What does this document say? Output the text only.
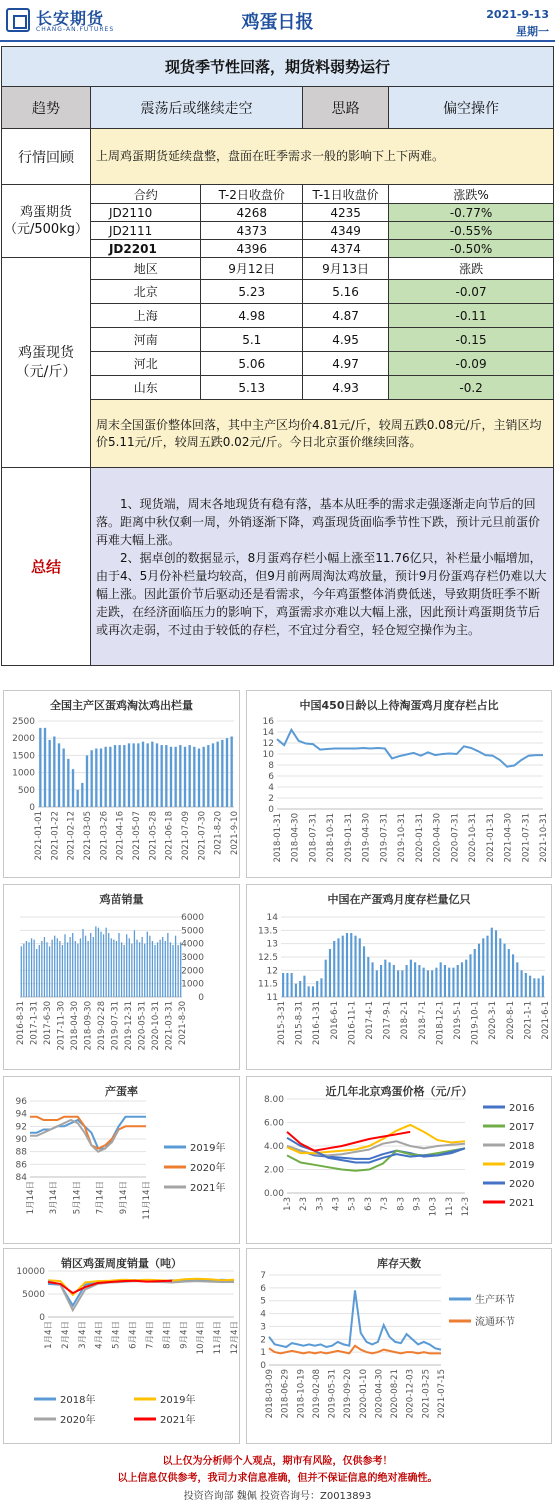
长安期货
CHANG-AN.FUTURES	鸡蛋日报	2021-9-13
星期一
现货季节性回落，期货料弱势运行				
趋势	震荡后或继续走空		思路	偏空操作
行情回顾	上周鸡蛋期货延续盘整，盘面在旺季需求一般的影响下上下两难。			
鸡蛋期货（元/500kg）	合约	T-2日收盘价	T-1日收盘价	涨跌%
	JD2110	4268	4235	-0.77%
	JD2111	4373	4349	-0.55%
	JD2201	4396	4374	-0.50%
鸡蛋现货（元/斤）	地区	9月12日	9月13日	涨跌
	北京	5.23	5.16	-0.07
	上海	4.98	4.87	-0.11
	河南	5.1	4.95	-0.15
	河北	5.06	4.97	-0.09
	山东	5.13	4.93	-0.2
	周末全国蛋价整体回落，其中主产区均价4.81元/斤，较周五跌0.08元/斤，主销区均价5.11元/斤，较周五跌0.02元/斤。今日北京蛋价继续回落。			
总结	1、现货端，周末各地现货有稳有落，基本从旺季的需求走强逐渐走向节后的回落。距离中秋仅剩一周，外销逐渐下降，鸡蛋现货面临季节性下跌，预计元旦前蛋价再难大幅上涨。
2、据卓创的数据显示，8月蛋鸡存栏小幅上涨至11.76亿只，补栏量小幅增加，由于4、5月份补栏量均较高，但9月前两周淘汰鸡放量，预计9月份蛋鸡存栏仍难以大幅上涨。因此蛋价节后驱动还是看需求，今年鸡蛋整体消费低迷，导致期货旺季不断走跌，在经济面临压力的影响下，鸡蛋需求亦难以大幅上涨，因此预计鸡蛋期货节后或再次走弱，不过由于较低的存栏，不宜过分看空，轻仓短空操作为主。			
全国主产区蛋鸡淘汰鸡出栏量
2500
2000
1500
1000
500
0
2021-01-01 2021-01-22 2021-02-12 2021-03-05 2021-03-26 2021-04-16 2021-05-07 2021-05-28 2021-06-18 2021-07-09 2021-07-30 2021-8-20 2021-9-10
中国450日龄以上待淘蛋鸡月度存栏占比
16
14
12
10
8
6
4
2
0
2018-01-31 2018-04-30 2018-07-31 2018-10-31 2019-01-31 2019-04-30 2019-07-31 2019-10-31 2020-01-31 2020-04-30 2020-07-31 2020-10-31 2021-01-31 2021-04-30 2021-07-31 2021-10-31
鸡苗销量
6000
5000
4000
3000
2000
1000
0
2016-8-31 2017-1-31 2017-6-30 2017-11-30 2018-04-30 2018-09-30 2019-02-28 2019-07-31 2019-12-31 2020-05-31 2020-10-31 2021-03-31 2021-8-30
中国在产蛋鸡月度存栏量亿只
14
13.5
13
12.5
12
11.5
11
2015-3-31 2015-8-31 2016-1-31 2016-6-1 2016-11-1 2017-4-1 2017-9-1 2018-2-1 2018-7-1 2018-12-1 2019-5-1 2019-10-1 2020-3-1 2020-8-1 2021-1-1 2021-6-1
产蛋率
96
94
92
90
88
86
84
1月14日 3月14日 5月14日 7月14日 9月14日 11月14日
2019年
2020年
2021年
近几年北京鸡蛋价格（元/斤）
8.00
6.00
4.00
2.00
0.00
1-3 2-3 3-3 4-3 5-3 6-3 7-3 8-3 9-3 10-3 11-3 12-3
2016
2017
2018
2019
2020
2021
销区鸡蛋周度销量（吨）
10000
5000
0
1月4日 2月4日 3月4日 4月4日 5月4日 6月4日 7月4日 8月4日 9月4日 10月4日 11月4日 12月4日
2018年	2019年
2020年	2021年
库存天数
7
6
5
4
3
2
1
0
2018-03-09 2018-06-29 2018-10-19 2019-02-08 2019-05-31 2019-09-20 2020-01-10 2020-04-30 2020-08-21 2020-12-03 2021-03-25 2021-07-15
生产环节
流通环节
以上仅为分析师个人观点，期市有风险，仅供参考！
以上信息仅供参考，我司力求信息准确，但并不保证信息的绝对准确性。
投资咨询部 魏佩 投资咨询号：Z0013893
